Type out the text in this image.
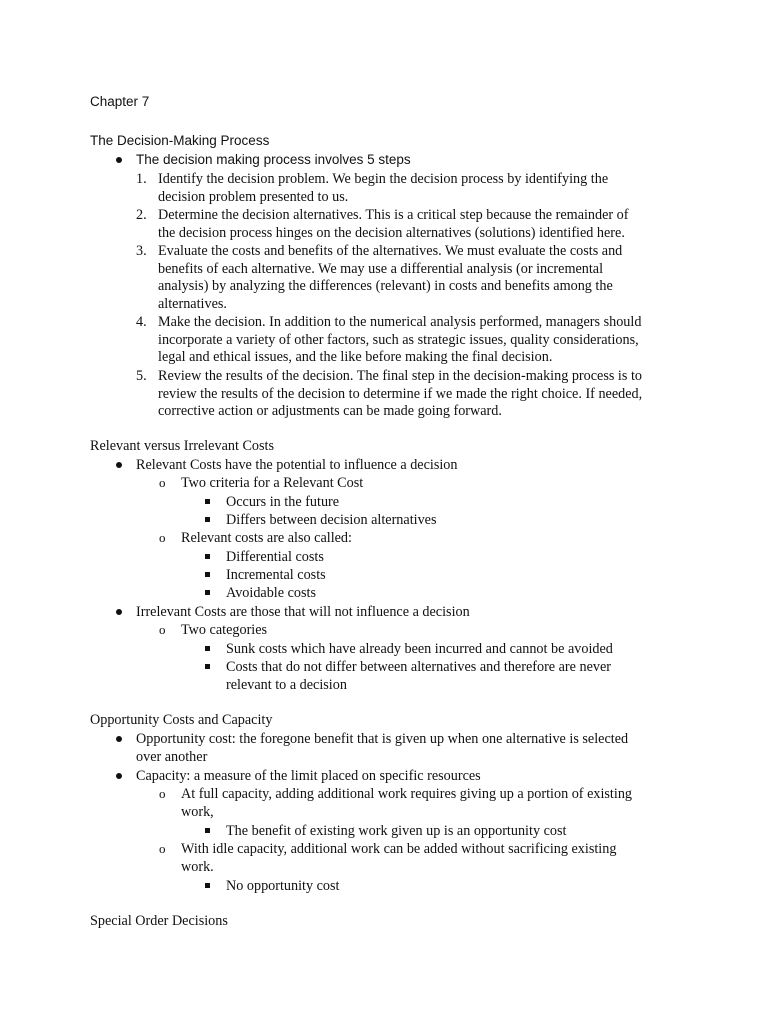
Chapter 7
The Decision-Making Process
The decision making process involves 5 steps
1. Identify the decision problem. We begin the decision process by identifying the
decision problem presented to us.
2. Determine the decision alternatives. This is a critical step because the remainder of
the decision process hinges on the decision alternatives (solutions) identified here.
3. Evaluate the costs and benefits of the alternatives. We must evaluate the costs and
benefits of each alternative. We may use a differential analysis (or incremental
analysis) by analyzing the differences (relevant) in costs and benefits among the
alternatives.
4. Make the decision. In addition to the numerical analysis performed, managers should
incorporate a variety of other factors, such as strategic issues, quality considerations,
legal and ethical issues, and the like before making the final decision.
5. Review the results of the decision. The final step in the decision-making process is to
review the results of the decision to determine if we made the right choice. If needed,
corrective action or adjustments can be made going forward.
Relevant versus Irrelevant Costs
Relevant Costs have the potential to influence a decision
o Two criteria for a Relevant Cost
Occurs in the future
Differs between decision alternatives
o Relevant costs are also called:
Differential costs
Incremental costs
Avoidable costs
Irrelevant Costs are those that will not influence a decision
o Two categories
Sunk costs which have already been incurred and cannot be avoided
Costs that do not differ between alternatives and therefore are never
relevant to a decision
Opportunity Costs and Capacity
Opportunity cost: the foregone benefit that is given up when one alternative is selected
over another
Capacity: a measure of the limit placed on specific resources
o At full capacity, adding additional work requires giving up a portion of existing
work,
The benefit of existing work given up is an opportunity cost
o With idle capacity, additional work can be added without sacrificing existing
work.
No opportunity cost
Special Order Decisions
